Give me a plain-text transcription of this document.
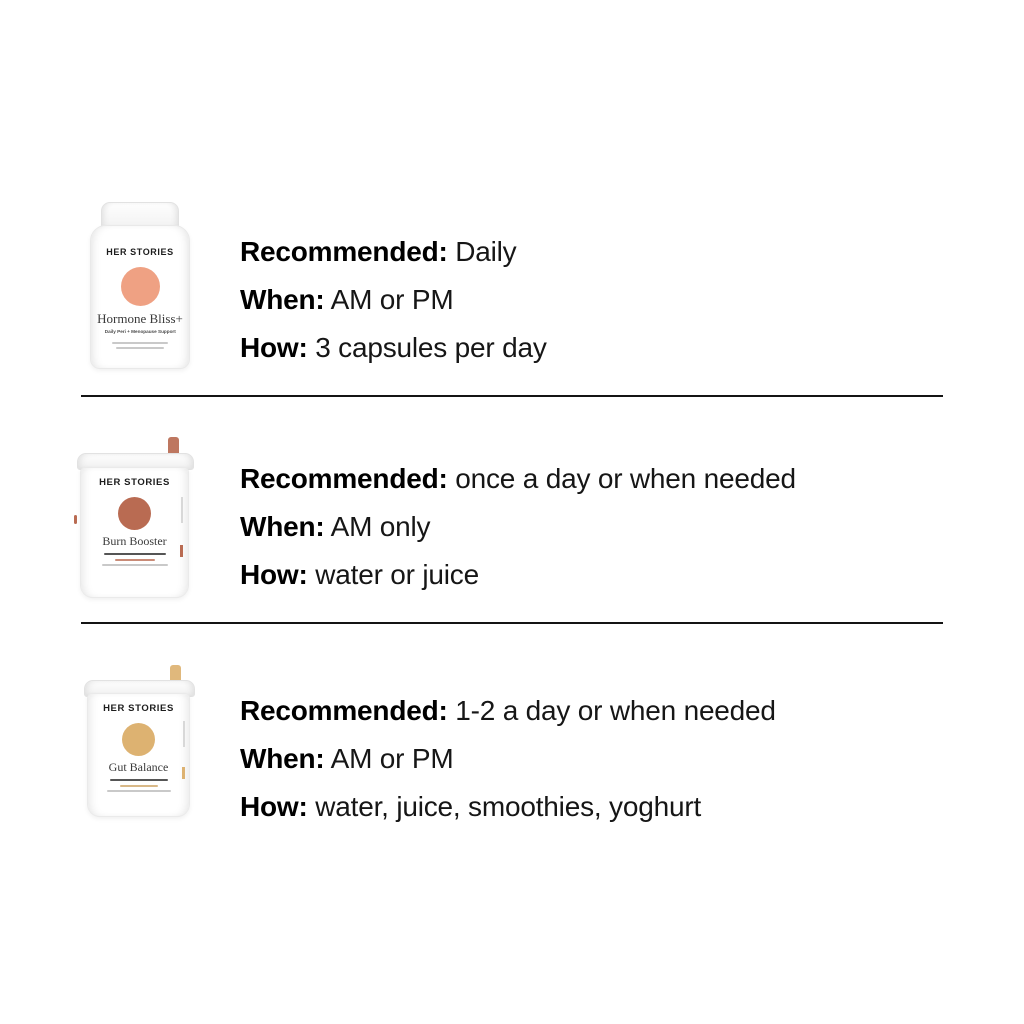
HER STORIES
Hormone Bliss+
Daily Peri + Menopause Support

Recommended: Daily

When: AM or PM

How: 3 capsules per day

HER STORIES
Burn Booster

Recommended: once a day or when needed

When: AM only

How: water or juice

HER STORIES
Gut Balance

Recommended: 1-2 a day or when needed

When: AM or PM

How: water, juice, smoothies, yoghurt
